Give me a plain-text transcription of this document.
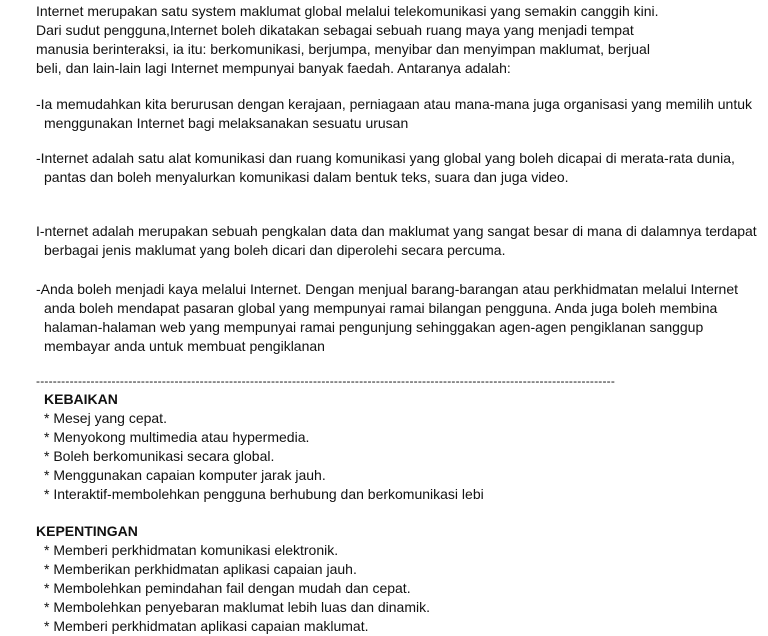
Internet merupakan satu system maklumat global melalui telekomunikasi yang semakin canggih kini.
Dari sudut pengguna,Internet boleh dikatakan sebagai sebuah ruang maya yang menjadi tempat
manusia berinteraksi, ia itu: berkomunikasi, berjumpa, menyibar dan menyimpan maklumat, berjual
beli, dan lain-lain lagi Internet mempunyai banyak faedah. Antaranya adalah:
-Ia memudahkan kita berurusan dengan kerajaan, perniagaan atau mana-mana juga organisasi yang memilih untuk menggunakan Internet bagi melaksanakan sesuatu urusan
-Internet adalah satu alat komunikasi dan ruang komunikasi yang global yang boleh dicapai di merata-rata dunia, pantas dan boleh menyalurkan komunikasi dalam bentuk teks, suara dan juga video.
I-nternet adalah merupakan sebuah pengkalan data dan maklumat yang sangat besar di mana di dalamnya terdapat berbagai jenis maklumat yang boleh dicari dan diperolehi secara percuma.
-Anda boleh menjadi kaya melalui Internet. Dengan menjual barang-barangan atau perkhidmatan melalui Internet anda boleh mendapat pasaran global yang mempunyai ramai bilangan pengguna. Anda juga boleh membina halaman-halaman web yang mempunyai ramai pengunjung sehinggakan agen-agen pengiklanan sanggup membayar anda untuk membuat pengiklanan
------------------------------------------------------------------------------------------------------------------------------------------
KEBAIKAN
* Mesej yang cepat.
* Menyokong multimedia atau hypermedia.
* Boleh berkomunikasi secara global.
* Menggunakan capaian komputer jarak jauh.
* Interaktif-membolehkan pengguna berhubung dan berkomunikasi lebi
KEPENTINGAN
* Memberi perkhidmatan komunikasi elektronik.
* Memberikan perkhidmatan aplikasi capaian jauh.
* Membolehkan pemindahan fail dengan mudah dan cepat.
* Membolehkan penyebaran maklumat lebih luas dan dinamik.
* Memberi perkhidmatan aplikasi capaian maklumat.
